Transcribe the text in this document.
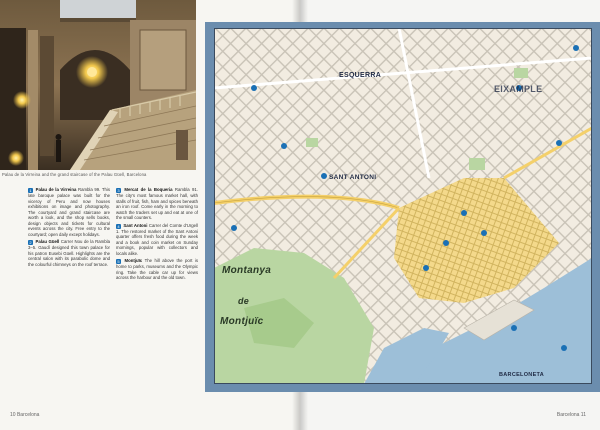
Palau de la Virreina and the grand staircase of the Palau Güell, Barcelona

1 Palau de la Virreina Rambla 99. This late baroque palace was built for the viceroy of Peru and now houses exhibitions on image and photography. The courtyard and grand staircase are worth a look, and the shop sells books, design objects and tickets for cultural events across the city. Free entry to the courtyard; open daily except holidays.

2 Palau Güell Carrer Nou de la Rambla 3–5. Gaudí designed this town palace for his patron Eusebi Güell. Highlights are the central salon with its parabolic dome and the colourful chimneys on the roof terrace.

3 Mercat de la Boqueria Rambla 91. The city's most famous market hall, with stalls of fruit, fish, ham and spices beneath an iron roof. Come early in the morning to watch the traders set up and eat at one of the small counters.

4 Sant Antoni Carrer del Comte d'Urgell 1. The restored market of the Sant Antoni quarter offers fresh food during the week and a book and coin market on Sunday mornings, popular with collectors and locals alike.

5 Montjuïc The hill above the port is home to parks, museums and the Olympic ring. Take the cable car up for views across the harbour and the old town.

10 Barcelona	Barcelona 11
ESQUERRA
EIXAMPLE
SANT ANTONI
Montanya
de
Montjuïc
BARCELONETA
